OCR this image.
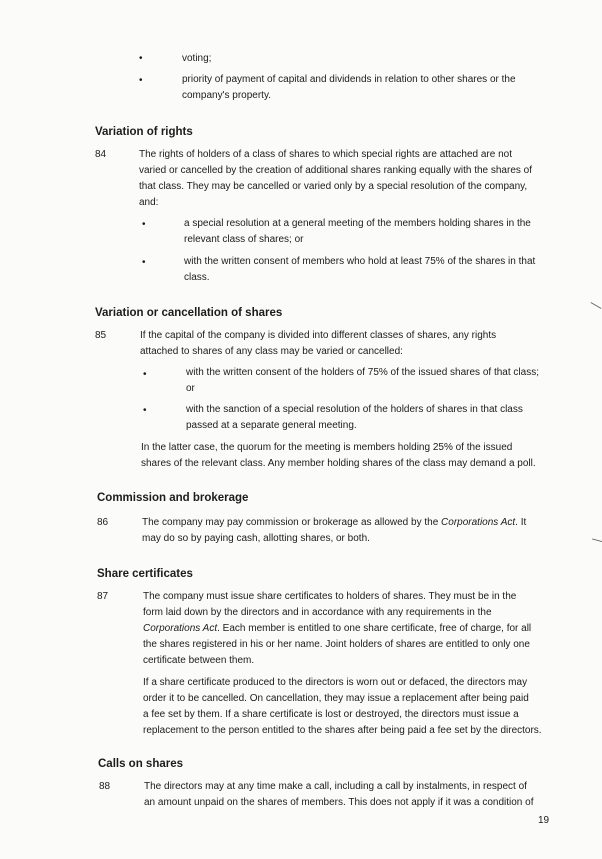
•	voting;
•	priority of payment of capital and dividends in relation to other shares or the
company's property.
Variation of rights
84	The rights of holders of a class of shares to which special rights are attached are not
varied or cancelled by the creation of additional shares ranking equally with the shares of
that class. They may be cancelled or varied only by a special resolution of the company,
and:
•	a special resolution at a general meeting of the members holding shares in the
relevant class of shares; or
•	with the written consent of members who hold at least 75% of the shares in that
class.
Variation or cancellation of shares
85	If the capital of the company is divided into different classes of shares, any rights
attached to shares of any class may be varied or cancelled:
•	with the written consent of the holders of 75% of the issued shares of that class;
or
•	with the sanction of a special resolution of the holders of shares in that class
passed at a separate general meeting.
In the latter case, the quorum for the meeting is members holding 25% of the issued
shares of the relevant class. Any member holding shares of the class may demand a poll.
Commission and brokerage
86	The company may pay commission or brokerage as allowed by the Corporations Act. It
may do so by paying cash, allotting shares, or both.
Share certificates
87	The company must issue share certificates to holders of shares. They must be in the
form laid down by the directors and in accordance with any requirements in the
Corporations Act. Each member is entitled to one share certificate, free of charge, for all
the shares registered in his or her name. Joint holders of shares are entitled to only one
certificate between them.
If a share certificate produced to the directors is worn out or defaced, the directors may
order it to be cancelled. On cancellation, they may issue a replacement after being paid
a fee set by them. If a share certificate is lost or destroyed, the directors must issue a
replacement to the person entitled to the shares after being paid a fee set by the directors.
Calls on shares
88	The directors may at any time make a call, including a call by instalments, in respect of
an amount unpaid on the shares of members. This does not apply if it was a condition of
19
